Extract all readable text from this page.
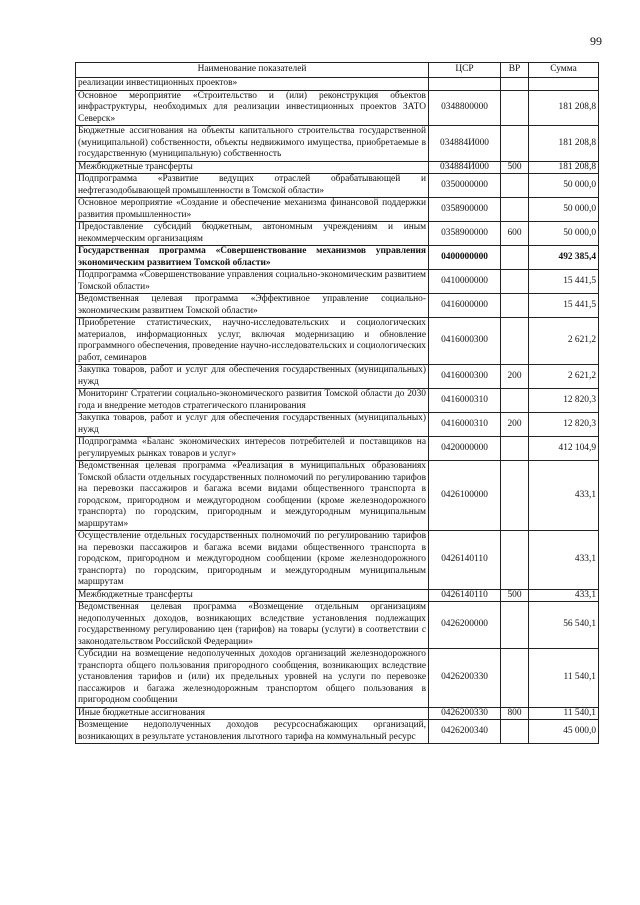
99
Наименование показателей	ЦСР	ВР	Сумма
реализации инвестиционных проектов»			
Основное мероприятие «Строительство и (или) реконструкция объектов инфраструктуры, необходимых для реализации инвестиционных проектов ЗАТО Северск»	0348800000		181 208,8
Бюджетные ассигнования на объекты капитального строительства государственной (муниципальной) собственности, объекты недвижимого имущества, приобретаемые в государственную (муниципальную) собственность	034884И000		181 208,8
Межбюджетные трансферты	034884И000	500	181 208,8
Подпрограмма «Развитие ведущих отраслей обрабатывающей и нефтегазодобывающей промышленности в Томской области»	0350000000		50 000,0
Основное мероприятие «Создание и обеспечение механизма финансовой поддержки развития промышленности»	0358900000		50 000,0
Предоставление субсидий бюджетным, автономным учреждениям и иным некоммерческим организациям	0358900000	600	50 000,0
Государственная программа «Совершенствование механизмов управления экономическим развитием Томской области»	0400000000		492 385,4
Подпрограмма «Совершенствование управления социально-экономическим развитием Томской области»	0410000000		15 441,5
Ведомственная целевая программа «Эффективное управление социально-экономическим развитием Томской области»	0416000000		15 441,5
Приобретение статистических, научно-исследовательских и социологических материалов, информационных услуг, включая модернизацию и обновление программного обеспечения, проведение научно-исследовательских и социологических работ, семинаров	0416000300		2 621,2
Закупка товаров, работ и услуг для обеспечения государственных (муниципальных) нужд	0416000300	200	2 621,2
Мониторинг Стратегии социально-экономического развития Томской области до 2030 года и внедрение методов стратегического планирования	0416000310		12 820,3
Закупка товаров, работ и услуг для обеспечения государственных (муниципальных) нужд	0416000310	200	12 820,3
Подпрограмма «Баланс экономических интересов потребителей и поставщиков на регулируемых рынках товаров и услуг»	0420000000		412 104,9
Ведомственная целевая программа «Реализация в муниципальных образованиях Томской области отдельных государственных полномочий по регулированию тарифов на перевозки пассажиров и багажа всеми видами общественного транспорта в городском, пригородном и междугородном сообщении (кроме железнодорожного транспорта) по городским, пригородным и междугородным муниципальным маршрутам»	0426100000		433,1
Осуществление отдельных государственных полномочий по регулированию тарифов на перевозки пассажиров и багажа всеми видами общественного транспорта в городском, пригородном и междугородном сообщении (кроме железнодорожного транспорта) по городским, пригородным и междугородным муниципальным маршрутам	0426140110		433,1
Межбюджетные трансферты	0426140110	500	433,1
Ведомственная целевая программа «Возмещение отдельным организациям недополученных доходов, возникающих вследствие установления подлежащих государственному регулированию цен (тарифов) на товары (услуги) в соответствии с законодательством Российской Федерации»	0426200000		56 540,1
Субсидии на возмещение недополученных доходов организаций железнодорожного транспорта общего пользования пригородного сообщения, возникающих вследствие установления тарифов и (или) их предельных уровней на услуги по перевозке пассажиров и багажа железнодорожным транспортом общего пользования в пригородном сообщении	0426200330		11 540,1
Иные бюджетные ассигнования	0426200330	800	11 540,1
Возмещение недополученных доходов ресурсоснабжающих организаций, возникающих в результате установления льготного тарифа на коммунальный ресурс	0426200340		45 000,0
